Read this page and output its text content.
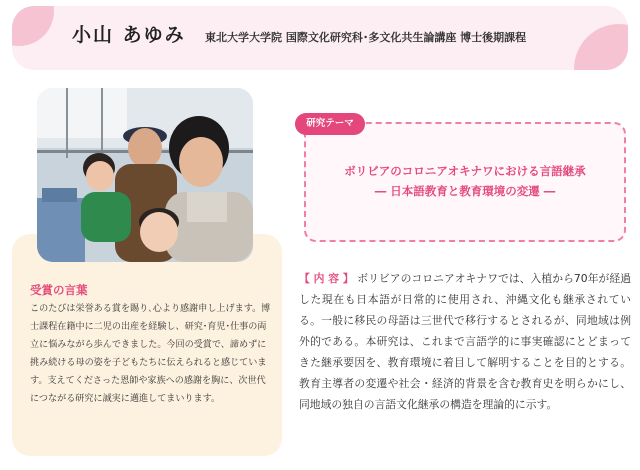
小山 あゆみ 東北大学大学院 国際文化研究科･多文化共生論講座 博士後期課程
受賞の言葉
このたびは栄誉ある賞を賜り､心より感謝申し上げます。博士課程在籍中に二児の出産を経験し、研究･育児･仕事の両立に悩みながら歩んできました。今回の受賞で、諦めずに挑み続ける母の姿を子どもたちに伝えられると感じています。支えてくださった恩師や家族への感謝を胸に、次世代につながる研究に誠実に邁進してまいります。
研究テーマ
ボリビアのコロニアオキナワにおける言語継承
― 日本語教育と教育環境の変遷 ―
【 内 容 】 ボリビアのコロニアオキナワでは、入植から70年が経過した現在も日本語が日常的に使用され、沖縄文化も継承されている。一般に移民の母語は三世代で移行するとされるが、同地域は例外的である。本研究は、これまで言語学的に事実確認にとどまってきた継承要因を、教育環境に着目して解明することを目的とする。教育主導者の変遷や社会・経済的背景を含む教育史を明らかにし、同地域の独自の言語文化継承の構造を理論的に示す。
